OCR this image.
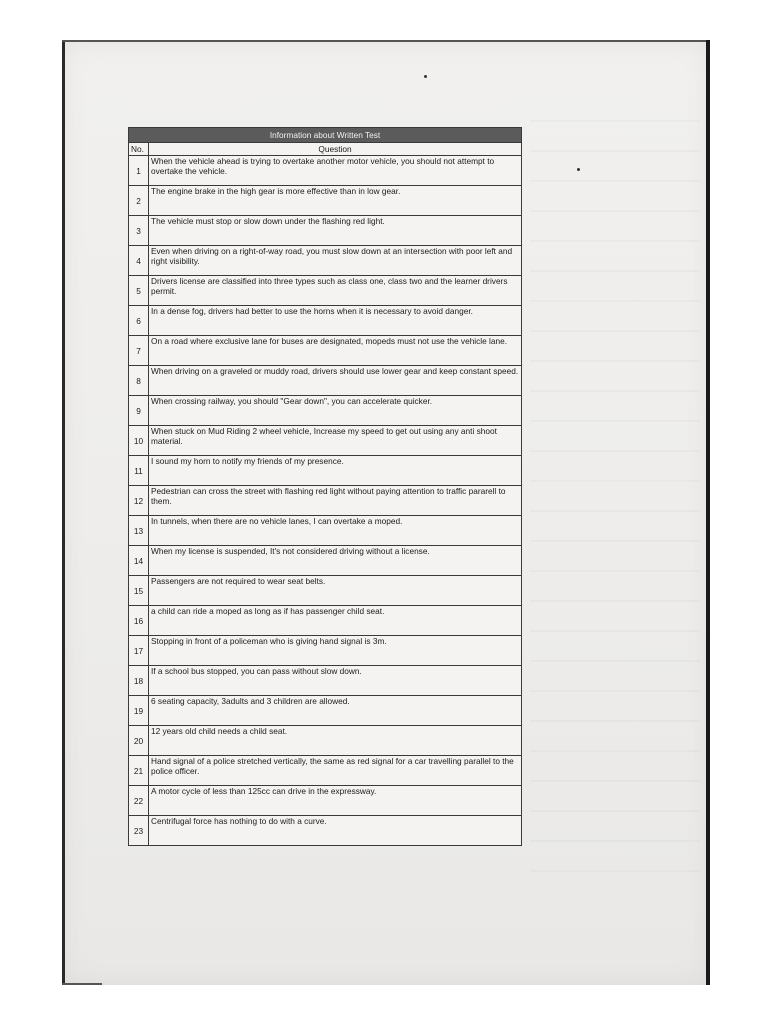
Information about Written Test	
No.	Question
1	When the vehicle ahead is trying to overtake another motor vehicle, you should not attempt to overtake the vehicle.
2	The engine brake in the high gear is more effective than in low gear.
3	The vehicle must stop or slow down under the flashing red light.
4	Even when driving on a right-of-way road, you must slow down at an intersection with poor left and right visibility.
5	Drivers license are classified into three types such as class one, class two and the learner drivers permit.
6	In a dense fog, drivers had better to use the horns when it is necessary to avoid danger.
7	On a road where exclusive lane for buses are designated, mopeds must not use the vehicle lane.
8	When driving on a graveled or muddy road, drivers should use lower gear and keep constant speed.
9	When crossing railway, you should "Gear down", you can accelerate quicker.
10	When stuck on Mud Riding 2 wheel vehicle, Increase my speed to get out using any anti shoot material.
11	I sound my horn to notify my friends of my presence.
12	Pedestrian can cross the street with flashing red light without paying attention to traffic pararell to them.
13	In tunnels, when there are no vehicle lanes, I can overtake a moped.
14	When my license is suspended, It's not considered driving without a license.
15	Passengers are not required to wear seat belts.
16	a child can ride a moped as long as if has passenger child seat.
17	Stopping in front of a policeman who is giving hand signal is 3m.
18	If a school bus stopped, you can pass without slow down.
19	6 seating capacity, 3adults and 3 children are allowed.
20	12 years old child needs a child seat.
21	Hand signal of a police stretched vertically, the same as red signal for a car travelling parallel to the police officer.
22	A motor cycle of less than 125cc can drive in the expressway.
23	Centrifugal force has nothing to do with a curve.
